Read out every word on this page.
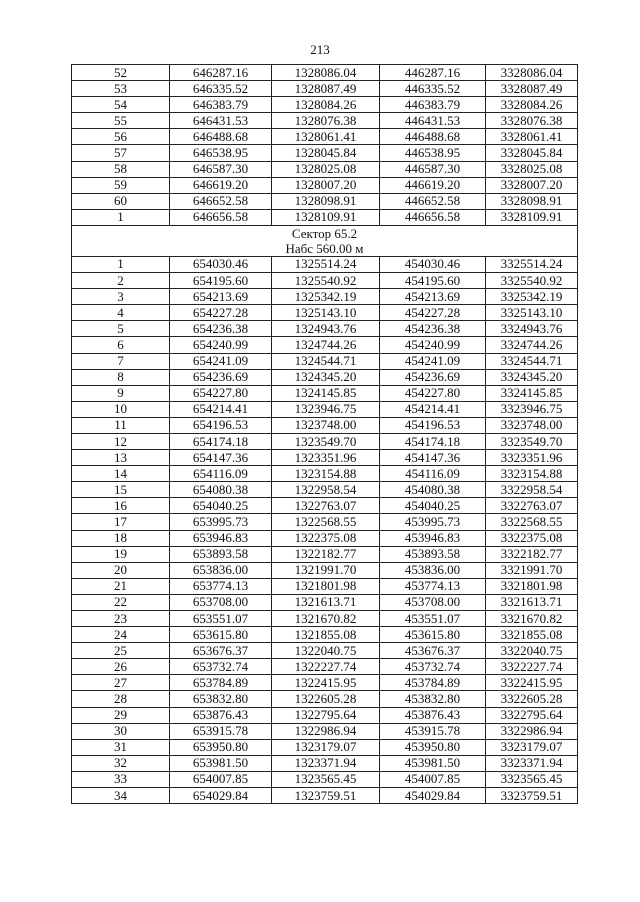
213
52	646287.16	1328086.04	446287.16	3328086.04
53	646335.52	1328087.49	446335.52	3328087.49
54	646383.79	1328084.26	446383.79	3328084.26
55	646431.53	1328076.38	446431.53	3328076.38
56	646488.68	1328061.41	446488.68	3328061.41
57	646538.95	1328045.84	446538.95	3328045.84
58	646587.30	1328025.08	446587.30	3328025.08
59	646619.20	1328007.20	446619.20	3328007.20
60	646652.58	1328098.91	446652.58	3328098.91
1	646656.58	1328109.91	446656.58	3328109.91

Сектор 65.2
Набс 560.00 м				

1	654030.46	1325514.24	454030.46	3325514.24
2	654195.60	1325540.92	454195.60	3325540.92
3	654213.69	1325342.19	454213.69	3325342.19
4	654227.28	1325143.10	454227.28	3325143.10
5	654236.38	1324943.76	454236.38	3324943.76
6	654240.99	1324744.26	454240.99	3324744.26
7	654241.09	1324544.71	454241.09	3324544.71
8	654236.69	1324345.20	454236.69	3324345.20
9	654227.80	1324145.85	454227.80	3324145.85
10	654214.41	1323946.75	454214.41	3323946.75
11	654196.53	1323748.00	454196.53	3323748.00
12	654174.18	1323549.70	454174.18	3323549.70
13	654147.36	1323351.96	454147.36	3323351.96
14	654116.09	1323154.88	454116.09	3323154.88
15	654080.38	1322958.54	454080.38	3322958.54
16	654040.25	1322763.07	454040.25	3322763.07
17	653995.73	1322568.55	453995.73	3322568.55
18	653946.83	1322375.08	453946.83	3322375.08
19	653893.58	1322182.77	453893.58	3322182.77
20	653836.00	1321991.70	453836.00	3321991.70
21	653774.13	1321801.98	453774.13	3321801.98
22	653708.00	1321613.71	453708.00	3321613.71
23	653551.07	1321670.82	453551.07	3321670.82
24	653615.80	1321855.08	453615.80	3321855.08
25	653676.37	1322040.75	453676.37	3322040.75
26	653732.74	1322227.74	453732.74	3322227.74
27	653784.89	1322415.95	453784.89	3322415.95
28	653832.80	1322605.28	453832.80	3322605.28
29	653876.43	1322795.64	453876.43	3322795.64
30	653915.78	1322986.94	453915.78	3322986.94
31	653950.80	1323179.07	453950.80	3323179.07
32	653981.50	1323371.94	453981.50	3323371.94
33	654007.85	1323565.45	454007.85	3323565.45
34	654029.84	1323759.51	454029.84	3323759.51
